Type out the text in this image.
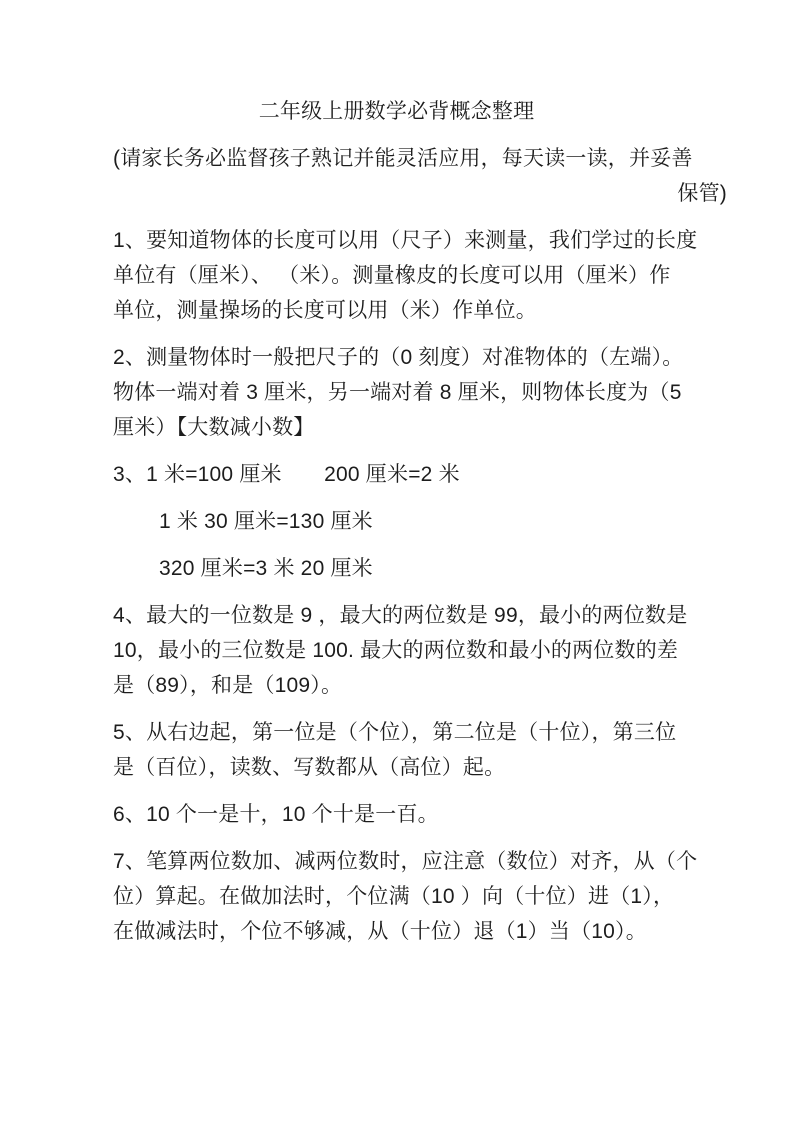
二年级上册数学必背概念整理
(请家长务必监督孩子熟记并能灵活应用，每天读一读，并妥善
保管)
1、要知道物体的长度可以用（尺子）来测量，我们学过的长度
单位有（厘米）、 （米）。测量橡皮的长度可以用（厘米）作
单位，测量操场的长度可以用（米）作单位。
2、测量物体时一般把尺子的（0 刻度）对准物体的（左端）。
物体一端对着 3 厘米，另一端对着 8 厘米，则物体长度为（5
厘米）【大数减小数】
3、1 米=100 厘米　　200 厘米=2 米
1 米 30 厘米=130 厘米
320 厘米=3 米 20 厘米
4、最大的一位数是 9 ，最大的两位数是 99，最小的两位数是
10，最小的三位数是 100. 最大的两位数和最小的两位数的差
是（89），和是（109）。
5、从右边起，第一位是（个位），第二位是（十位），第三位
是（百位），读数、写数都从（高位）起。
6、10 个一是十，10 个十是一百。
7、笔算两位数加、减两位数时，应注意（数位）对齐，从（个
位）算起。在做加法时，个位满（10 ）向（十位）进（1），
在做减法时，个位不够减，从（十位）退（1）当（10）。
